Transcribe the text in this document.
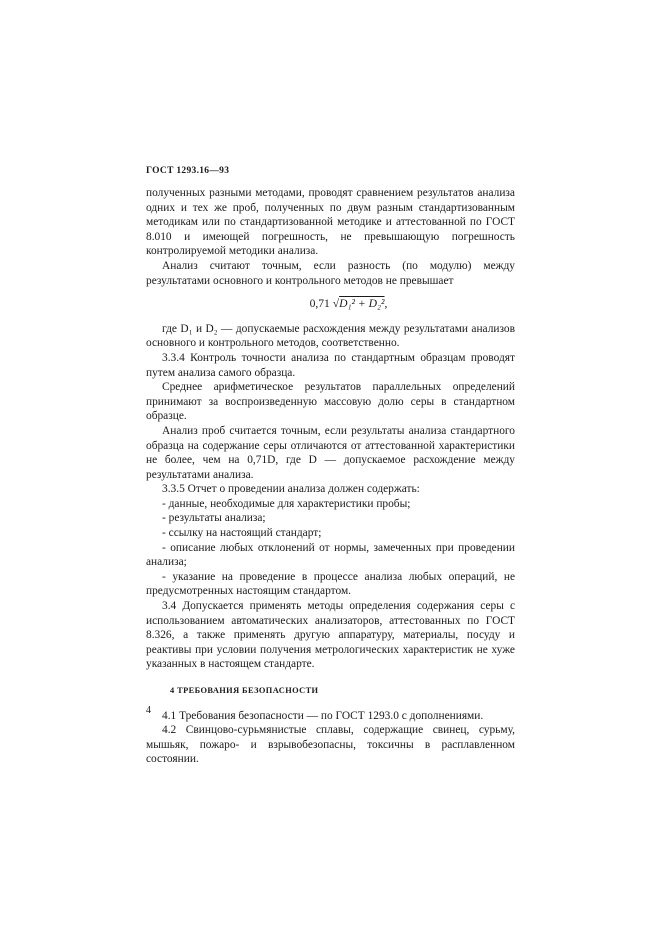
ГОСТ 1293.16—93

полученных разными методами, проводят сравнением результатов анализа одних и тех же проб, полученных по двум разным стандартизованным методикам или по стандартизованной методике и аттестованной по ГОСТ 8.010 и имеющей погрешность, не превышающую погрешность контролируемой методики анализа.

Анализ считают точным, если разность (по модулю) между результатами основного и контрольного методов не превышает

0,71 √D₁² + D₂²,

где D₁ и D₂ — допускаемые расхождения между результатами анализов основного и контрольного методов, соответственно.

3.3.4 Контроль точности анализа по стандартным образцам проводят путем анализа самого образца.

Среднее арифметическое результатов параллельных определений принимают за воспроизведенную массовую долю серы в стандартном образце.

Анализ проб считается точным, если результаты анализа стандартного образца на содержание серы отличаются от аттестованной характеристики не более, чем на 0,71D, где D — допускаемое расхождение между результатами анализа.

3.3.5 Отчет о проведении анализа должен содержать:

- данные, необходимые для характеристики пробы;

- результаты анализа;

- ссылку на настоящий стандарт;

- описание любых отклонений от нормы, замеченных при проведении анализа;

- указание на проведение в процессе анализа любых операций, не предусмотренных настоящим стандартом.

3.4 Допускается применять методы определения содержания серы с использованием автоматических анализаторов, аттестованных по ГОСТ 8.326, а также применять другую аппаратуру, материалы, посуду и реактивы при условии получения метрологических характеристик не хуже указанных в настоящем стандарте.

4 ТРЕБОВАНИЯ БЕЗОПАСНОСТИ

4.1 Требования безопасности — по ГОСТ 1293.0 с дополнениями.

4.2 Свинцово-сурьмянистые сплавы, содержащие свинец, сурьму, мышьяк, пожаро- и взрывобезопасны, токсичны в расплавленном состоянии.

4
